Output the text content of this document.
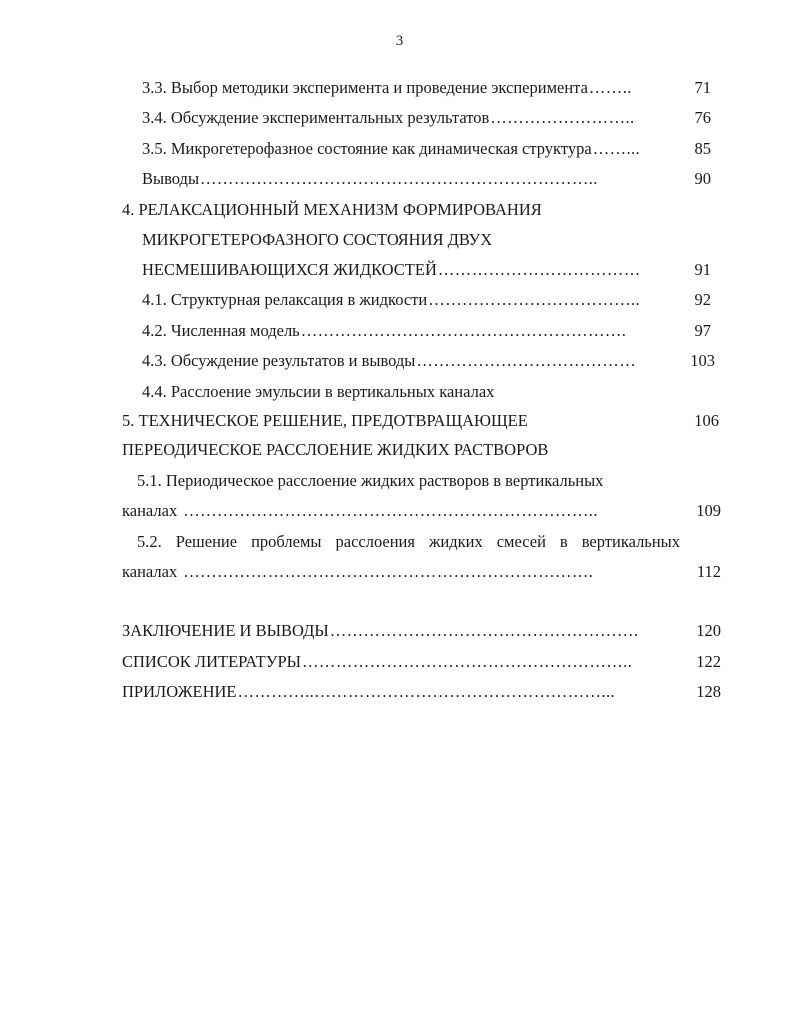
3
3.3. Выбор методики эксперимента и проведение эксперимента ……..	71
3.4. Обсуждение экспериментальных результатов ……………………..	76
3.5. Микрогетерофазное состояние как динамическая структура ……...	85
Выводы ……………………………………………………………..	90
4. РЕЛАКСАЦИОННЫЙ МЕХАНИЗМ ФОРМИРОВАНИЯ
МИКРОГЕТЕРОФАЗНОГО СОСТОЯНИЯ ДВУХ
НЕСМЕШИВАЮЩИХСЯ ЖИДКОСТЕЙ ………………………………	91
4.1. Структурная релаксация в жидкости ………………………………..	92
4.2. Численная модель ………………………………………………….	97
4.3. Обсуждение результатов и выводы …………………………………	103
4.4. Расслоение эмульсии в вертикальных каналах
5. ТЕХНИЧЕСКОЕ РЕШЕНИЕ, ПРЕДОТВРАЩАЮЩЕЕ	106
ПЕРЕОДИЧЕСКОЕ РАССЛОЕНИЕ ЖИДКИХ РАСТВОРОВ
5.1. Периодическое расслоение жидких растворов в вертикальных
каналах ………………………………………………………………..	109
5.2. Решение проблемы расслоения жидких смесей в вертикальных
каналах ……………………………………………………………….	112
ЗАКЛЮЧЕНИЕ И ВЫВОДЫ ……………………………………………….	120
СПИСОК ЛИТЕРАТУРЫ …………………………………………………..	122
ПРИЛОЖЕНИЕ …………..……………………………………………...	128
